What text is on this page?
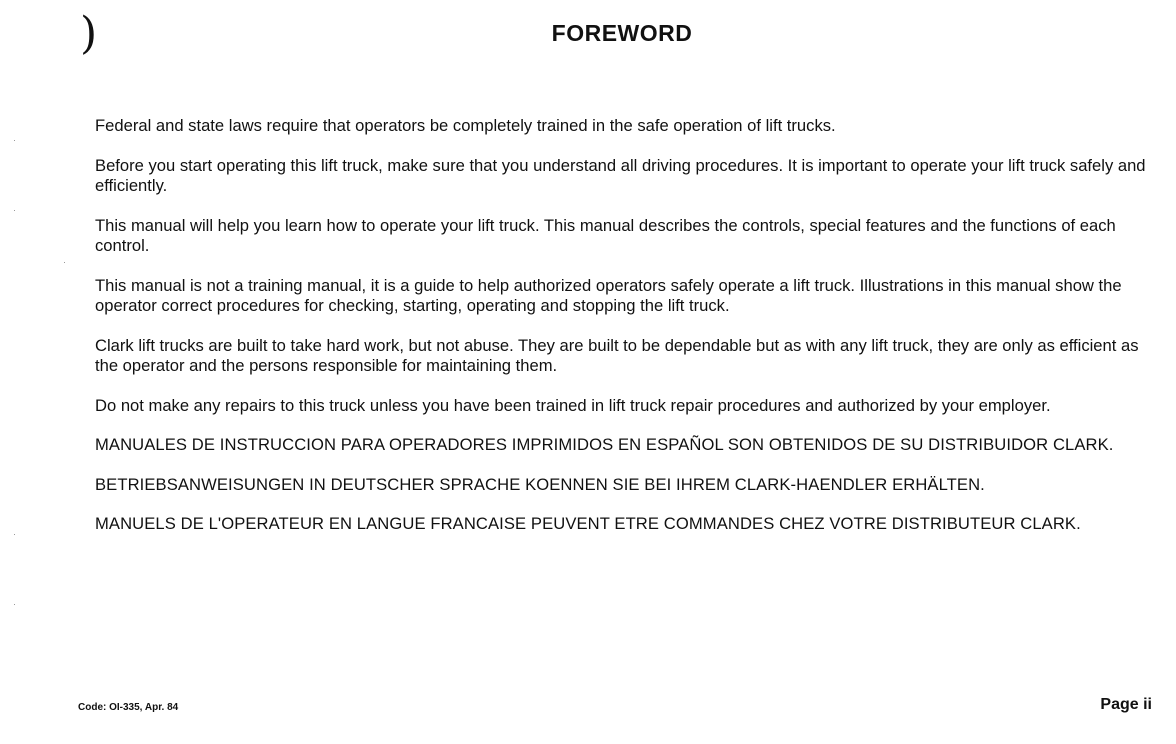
)	FOREWORD

Federal and state laws require that operators be completely trained in the safe operation of lift trucks.

Before you start operating this lift truck, make sure that you understand all driving procedures. It is important to operate your lift truck safely and efficiently.

This manual will help you learn how to operate your lift truck. This manual describes the controls, special features and the functions of each control.

This manual is not a training manual, it is a guide to help authorized operators safely operate a lift truck. Illustrations in this manual show the operator correct procedures for checking, starting, operating and stopping the lift truck.

Clark lift trucks are built to take hard work, but not abuse. They are built to be dependable but as with any lift truck, they are only as efficient as the operator and the persons responsible for maintaining them.

Do not make any repairs to this truck unless you have been trained in lift truck repair procedures and authorized by your employer.

MANUALES DE INSTRUCCION PARA OPERADORES IMPRIMIDOS EN ESPAÑOL SON OBTENIDOS DE SU DISTRIBUIDOR CLARK.

BETRIEBSANWEISUNGEN IN DEUTSCHER SPRACHE KOENNEN SIE BEI IHREM CLARK-HAENDLER ERHÄLTEN.

MANUELS DE L'OPERATEUR EN LANGUE FRANCAISE PEUVENT ETRE COMMANDES CHEZ VOTRE DISTRIBUTEUR CLARK.

Code: OI-335, Apr. 84	Page ii
